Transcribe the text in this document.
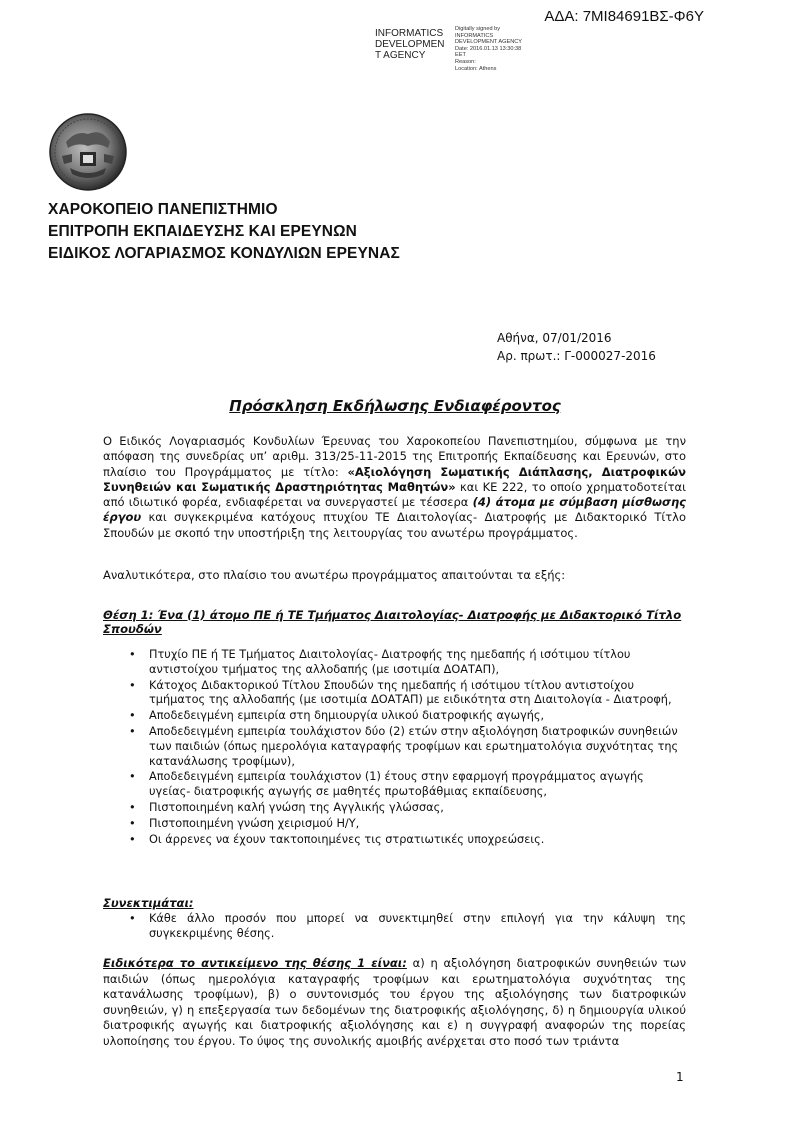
ΑΔΑ: 7ΜΙ84691ΒΣ-Φ6Υ
INFORMATICS
DEVELOPMEN
T AGENCY
Digitally signed by
INFORMATICS
DEVELOPMENT AGENCY
Date: 2016.01.13 13:30:38
EET
Reason:
Location: Athens
ΧΑΡΟΚΟΠΕΙΟ ΠΑΝΕΠΙΣΤΗΜΙΟ
ΕΠΙΤΡΟΠΗ ΕΚΠΑΙΔΕΥΣΗΣ ΚΑΙ ΕΡΕΥΝΩΝ
ΕΙΔΙΚΟΣ ΛΟΓΑΡΙΑΣΜΟΣ ΚΟΝΔΥΛΙΩΝ ΕΡΕΥΝΑΣ
Αθήνα, 07/01/2016
Αρ. πρωτ.: Γ-000027-2016
Πρόσκληση Εκδήλωσης Ενδιαφέροντος
Ο Ειδικός Λογαριασμός Κονδυλίων Έρευνας του Χαροκοπείου Πανεπιστημίου, σύμφωνα με την απόφαση της συνεδρίας υπ’ αριθμ. 313/25-11-2015 της Επιτροπής Εκπαίδευσης και Ερευνών, στο πλαίσιο του Προγράμματος με τίτλο: «Αξιολόγηση Σωματικής Διάπλασης, Διατροφικών Συνηθειών και Σωματικής Δραστηριότητας Μαθητών» και ΚΕ 222, το οποίο χρηματοδοτείται από ιδιωτικό φορέα, ενδιαφέρεται να συνεργαστεί με τέσσερα (4) άτομα με σύμβαση μίσθωσης έργου και συγκεκριμένα κατόχους πτυχίου ΤΕ Διαιτολογίας- Διατροφής με Διδακτορικό Τίτλο Σπουδών με σκοπό την υποστήριξη της λειτουργίας του ανωτέρω προγράμματος.
Αναλυτικότερα, στο πλαίσιο του ανωτέρω προγράμματος απαιτούνται τα εξής:
Θέση 1: Ένα (1) άτομο ΠΕ ή ΤΕ Τμήματος Διαιτολογίας- Διατροφής με Διδακτορικό Τίτλο Σπουδών
• Πτυχίο ΠΕ ή ΤΕ Τμήματος Διαιτολογίας- Διατροφής της ημεδαπής ή ισότιμου τίτλου αντιστοίχου τμήματος της αλλοδαπής (με ισοτιμία ΔΟΑΤΑΠ),
• Κάτοχος Διδακτορικού Τίτλου Σπουδών της ημεδαπής ή ισότιμου τίτλου αντιστοίχου τμήματος της αλλοδαπής (με ισοτιμία ΔΟΑΤΑΠ) με ειδικότητα στη Διαιτολογία - Διατροφή,
• Αποδεδειγμένη εμπειρία στη δημιουργία υλικού διατροφικής αγωγής,
• Αποδεδειγμένη εμπειρία τουλάχιστον δύο (2) ετών στην αξιολόγηση διατροφικών συνηθειών των παιδιών (όπως ημερολόγια καταγραφής τροφίμων και ερωτηματολόγια συχνότητας της κατανάλωσης τροφίμων),
• Αποδεδειγμένη εμπειρία τουλάχιστον (1) έτους στην εφαρμογή προγράμματος αγωγής υγείας- διατροφικής αγωγής σε μαθητές πρωτοβάθμιας εκπαίδευσης,
• Πιστοποιημένη καλή γνώση της Αγγλικής γλώσσας,
• Πιστοποιημένη γνώση χειρισμού Η/Υ,
• Οι άρρενες να έχουν τακτοποιημένες τις στρατιωτικές υποχρεώσεις.
Συνεκτιμάται:
• Κάθε άλλο προσόν που μπορεί να συνεκτιμηθεί στην επιλογή για την κάλυψη της συγκεκριμένης θέσης.
Ειδικότερα το αντικείμενο της θέσης 1 είναι: α) η αξιολόγηση διατροφικών συνηθειών των παιδιών (όπως ημερολόγια καταγραφής τροφίμων και ερωτηματολόγια συχνότητας της κατανάλωσης τροφίμων), β) ο συντονισμός του έργου της αξιολόγησης των διατροφικών συνηθειών, γ) η επεξεργασία των δεδομένων της διατροφικής αξιολόγησης, δ) η δημιουργία υλικού διατροφικής αγωγής και διατροφικής αξιολόγησης και ε) η συγγραφή αναφορών της πορείας υλοποίησης του έργου. Το ύψος της συνολικής αμοιβής ανέρχεται στο ποσό των τριάντα
1
